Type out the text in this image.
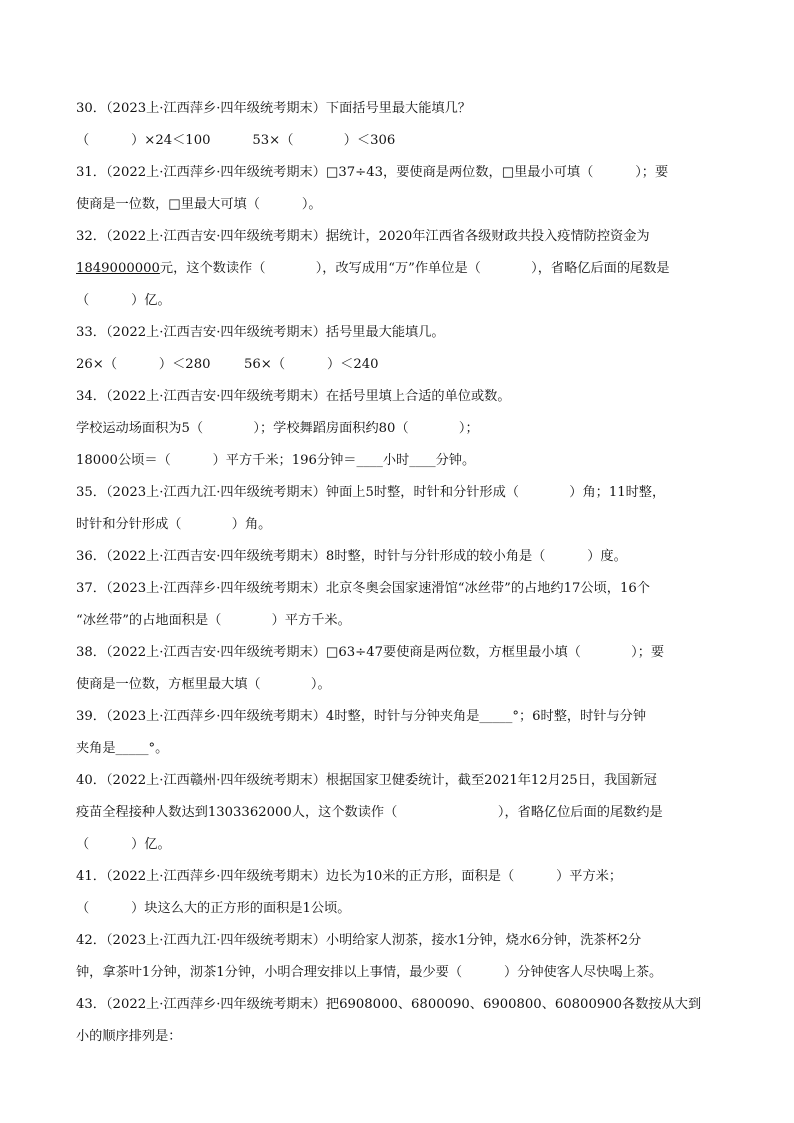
30．（2023上·江西萍乡·四年级统考期末）下面括号里最大能填几？
（          ）×24＜100          53×（            ）＜306
31．（2022上·江西萍乡·四年级统考期末）□37÷43，要使商是两位数，□里最小可填（          ）；要
使商是一位数，□里最大可填（          ）。
32．（2022上·江西吉安·四年级统考期末）据统计，2020年江西省各级财政共投入疫情防控资金为
1849000000元，这个数读作（            ），改写成用“万”作单位是（            ），省略亿后面的尾数是
（          ）亿。
33．（2022上·江西吉安·四年级统考期末）括号里最大能填几。
26×（          ）＜280        56×（          ）＜240
34．（2022上·江西吉安·四年级统考期末）在括号里填上合适的单位或数。
学校运动场面积为5（            ）；学校舞蹈房面积约80（            ）；
18000公顷＝（          ）平方千米；196分钟＝____小时____分钟。
35．（2023上·江西九江·四年级统考期末）钟面上5时整，时针和分针形成（            ）角；11时整，
时针和分针形成（            ）角。
36．（2022上·江西吉安·四年级统考期末）8时整，时针与分针形成的较小角是（          ）度。
37．（2023上·江西萍乡·四年级统考期末）北京冬奥会国家速滑馆“冰丝带”的占地约17公顷，16个
“冰丝带”的占地面积是（            ）平方千米。
38．（2022上·江西吉安·四年级统考期末）□63÷47要使商是两位数，方框里最小填（            ）；要
使商是一位数，方框里最大填（            ）。
39．（2023上·江西萍乡·四年级统考期末）4时整，时针与分钟夹角是_____°；6时整，时针与分钟
夹角是_____°。
40．（2022上·江西赣州·四年级统考期末）根据国家卫健委统计，截至2021年12月25日，我国新冠
疫苗全程接种人数达到1303362000人，这个数读作（                        ），省略亿位后面的尾数约是
（          ）亿。
41．（2022上·江西萍乡·四年级统考期末）边长为10米的正方形，面积是（          ）平方米；
（          ）块这么大的正方形的面积是1公顷。
42．（2023上·江西九江·四年级统考期末）小明给家人沏茶，接水1分钟，烧水6分钟，洗茶杯2分
钟，拿茶叶1分钟，沏茶1分钟，小明合理安排以上事情，最少要（          ）分钟使客人尽快喝上茶。
43．（2022上·江西萍乡·四年级统考期末）把6908000、6800090、6900800、60800900各数按从大到
小的顺序排列是：
